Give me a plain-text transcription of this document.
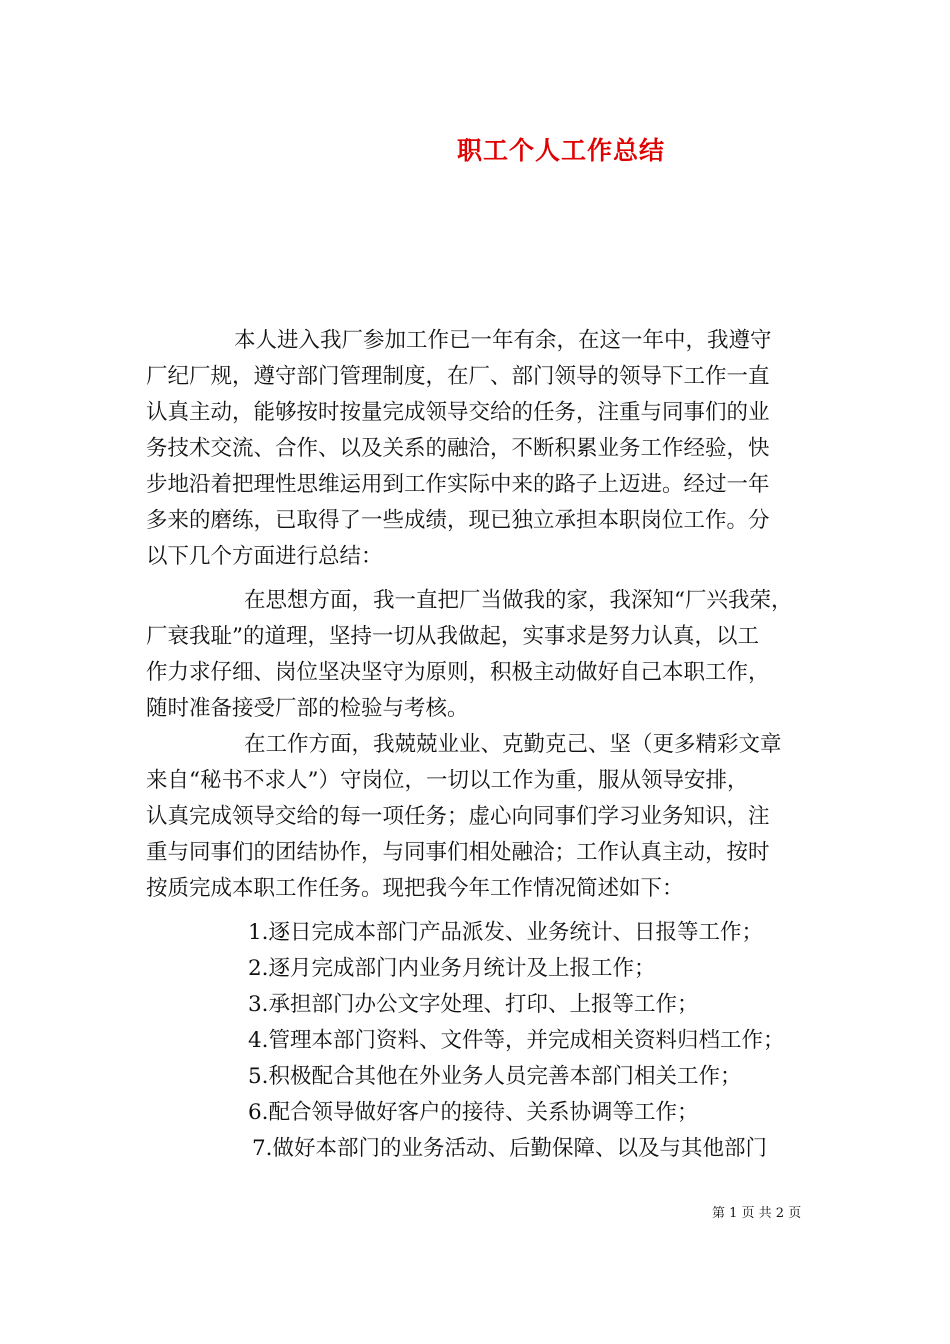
职工个人工作总结

本人进入我厂参加工作已一年有余，在这一年中，我遵守

厂纪厂规，遵守部门管理制度，在厂、部门领导的领导下工作一直

认真主动，能够按时按量完成领导交给的任务，注重与同事们的业

务技术交流、合作、以及关系的融洽，不断积累业务工作经验，快

步地沿着把理性思维运用到工作实际中来的路子上迈进。经过一年

多来的磨练，已取得了一些成绩，现已独立承担本职岗位工作。分

以下几个方面进行总结：

在思想方面，我一直把厂当做我的家，我深知“厂兴我荣，

厂衰我耻”的道理，坚持一切从我做起，实事求是努力认真，以工

作力求仔细、岗位坚决坚守为原则，积极主动做好自己本职工作，

随时准备接受厂部的检验与考核。

在工作方面，我兢兢业业、克勤克己、坚（更多精彩文章

来自“秘书不求人”）守岗位，一切以工作为重，服从领导安排，

认真完成领导交给的每一项任务；虚心向同事们学习业务知识，注

重与同事们的团结协作，与同事们相处融洽；工作认真主动，按时

按质完成本职工作任务。现把我今年工作情况简述如下：

1.逐日完成本部门产品派发、业务统计、日报等工作；

2.逐月完成部门内业务月统计及上报工作；

3.承担部门办公文字处理、打印、上报等工作；

4.管理本部门资料、文件等，并完成相关资料归档工作；

5.积极配合其他在外业务人员完善本部门相关工作；

6.配合领导做好客户的接待、关系协调等工作；

7.做好本部门的业务活动、后勤保障、以及与其他部门

第 1 页 共 2 页
